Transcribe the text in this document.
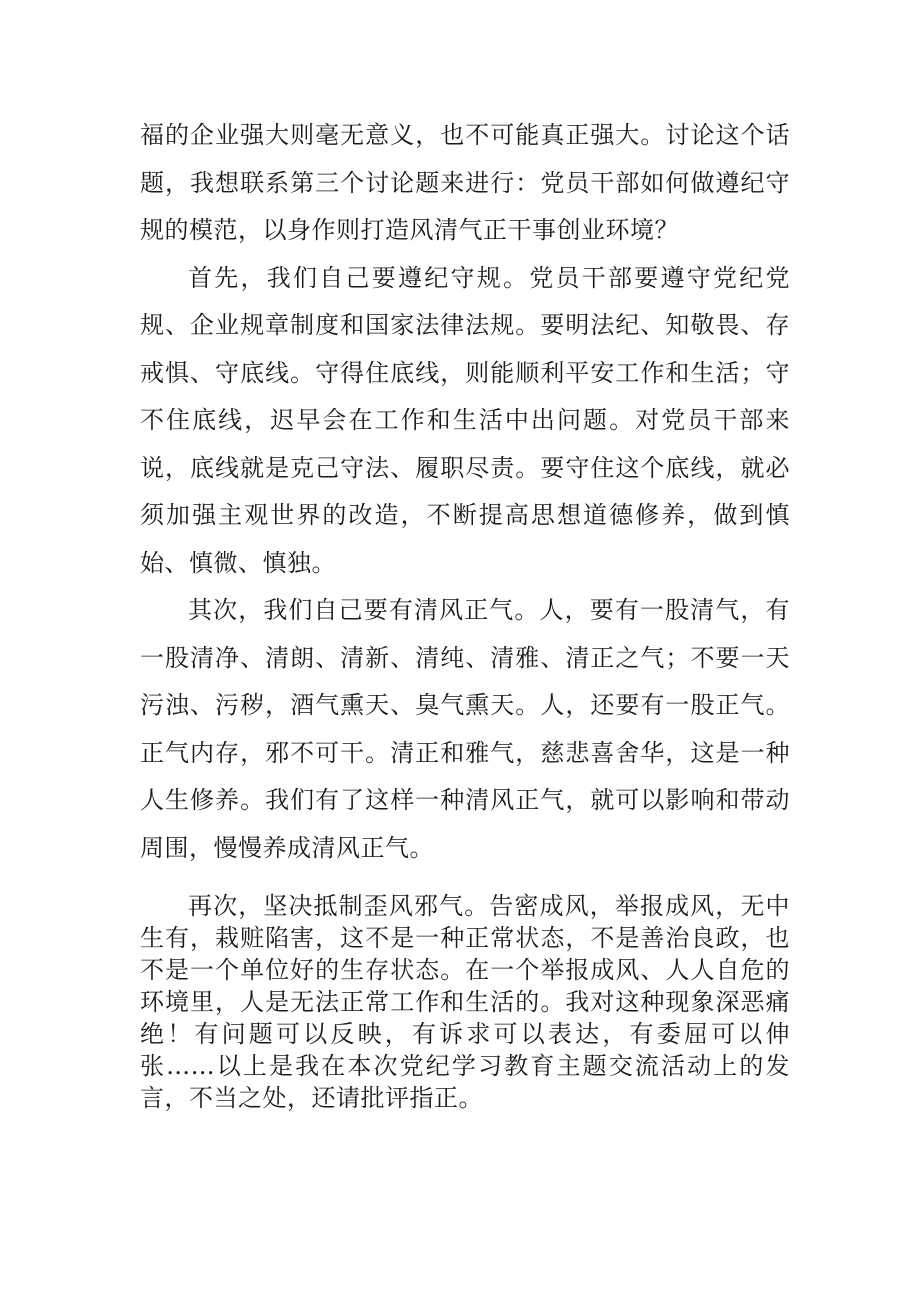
福的企业强大则毫无意义，也不可能真正强大。讨论这个话题，我想联系第三个讨论题来进行：党员干部如何做遵纪守规的模范，以身作则打造风清气正干事创业环境？

首先，我们自己要遵纪守规。党员干部要遵守党纪党规、企业规章制度和国家法律法规。要明法纪、知敬畏、存戒惧、守底线。守得住底线，则能顺利平安工作和生活；守不住底线，迟早会在工作和生活中出问题。对党员干部来说，底线就是克己守法、履职尽责。要守住这个底线，就必须加强主观世界的改造，不断提高思想道德修养，做到慎始、慎微、慎独。

其次，我们自己要有清风正气。人，要有一股清气，有一股清净、清朗、清新、清纯、清雅、清正之气；不要一天污浊、污秽，酒气熏天、臭气熏天。人，还要有一股正气。正气内存，邪不可干。清正和雅气，慈悲喜舍华，这是一种人生修养。我们有了这样一种清风正气，就可以影响和带动周围，慢慢养成清风正气。

再次，坚决抵制歪风邪气。告密成风，举报成风，无中生有，栽赃陷害，这不是一种正常状态，不是善治良政，也不是一个单位好的生存状态。在一个举报成风、人人自危的环境里，人是无法正常工作和生活的。我对这种现象深恶痛绝！有问题可以反映，有诉求可以表达，有委屈可以伸张……以上是我在本次党纪学习教育主题交流活动上的发言，不当之处，还请批评指正。
